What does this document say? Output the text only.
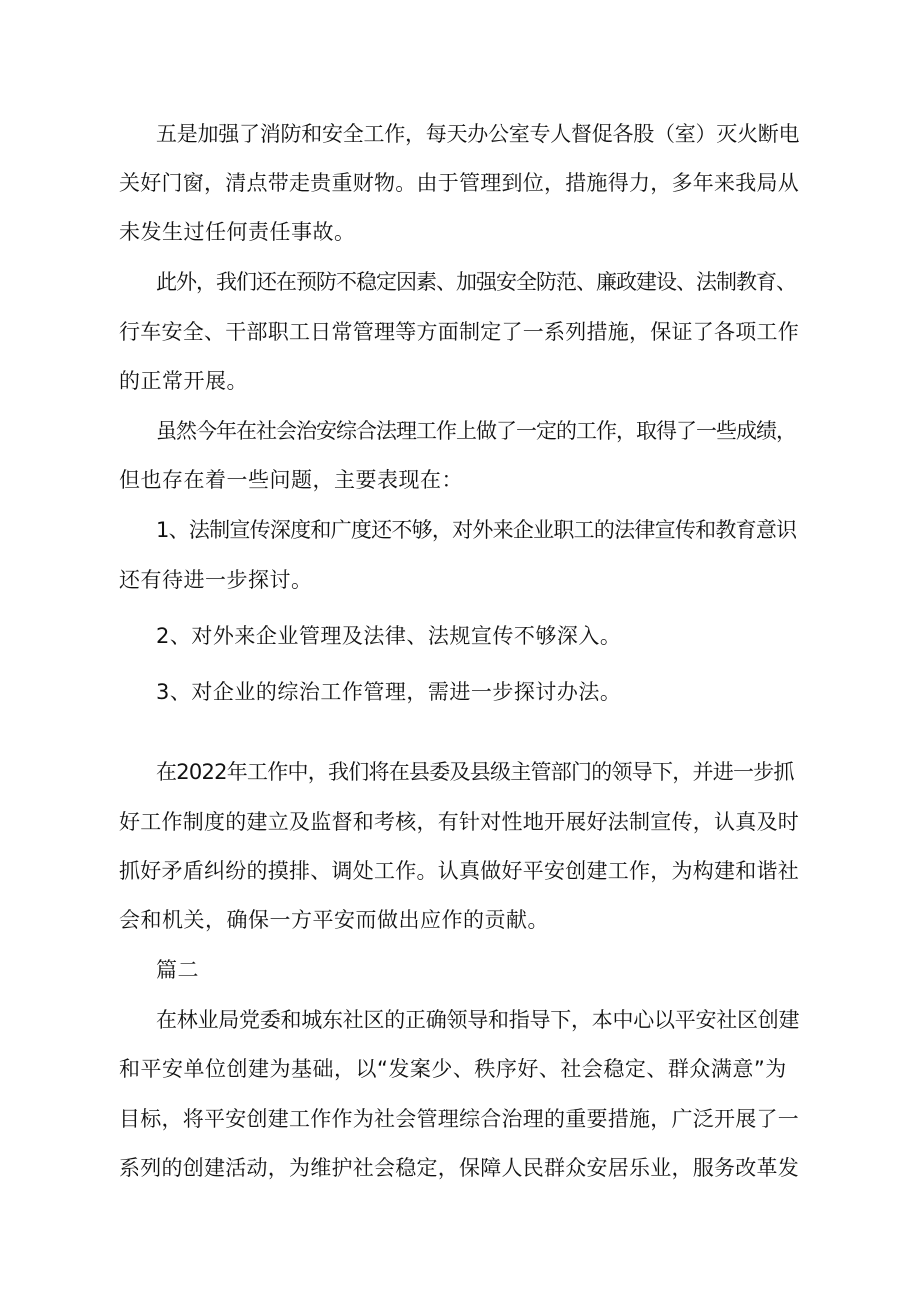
五是加强了消防和安全工作，每天办公室专人督促各股（室）灭火断电
关好门窗，清点带走贵重财物。由于管理到位，措施得力，多年来我局从
未发生过任何责任事故。
此外，我们还在预防不稳定因素、加强安全防范、廉政建设、法制教育、
行车安全、干部职工日常管理等方面制定了一系列措施，保证了各项工作
的正常开展。
虽然今年在社会治安综合法理工作上做了一定的工作，取得了一些成绩，
但也存在着一些问题，主要表现在：
1、法制宣传深度和广度还不够，对外来企业职工的法律宣传和教育意识
还有待进一步探讨。
2、对外来企业管理及法律、法规宣传不够深入。
3、对企业的综治工作管理，需进一步探讨办法。
在2022年工作中，我们将在县委及县级主管部门的领导下，并进一步抓
好工作制度的建立及监督和考核，有针对性地开展好法制宣传，认真及时
抓好矛盾纠纷的摸排、调处工作。认真做好平安创建工作，为构建和谐社
会和机关，确保一方平安而做出应作的贡献。
篇二
在林业局党委和城东社区的正确领导和指导下，本中心以平安社区创建
和平安单位创建为基础，以“发案少、秩序好、社会稳定、群众满意”为
目标，将平安创建工作作为社会管理综合治理的重要措施，广泛开展了一
系列的创建活动，为维护社会稳定，保障人民群众安居乐业，服务改革发
